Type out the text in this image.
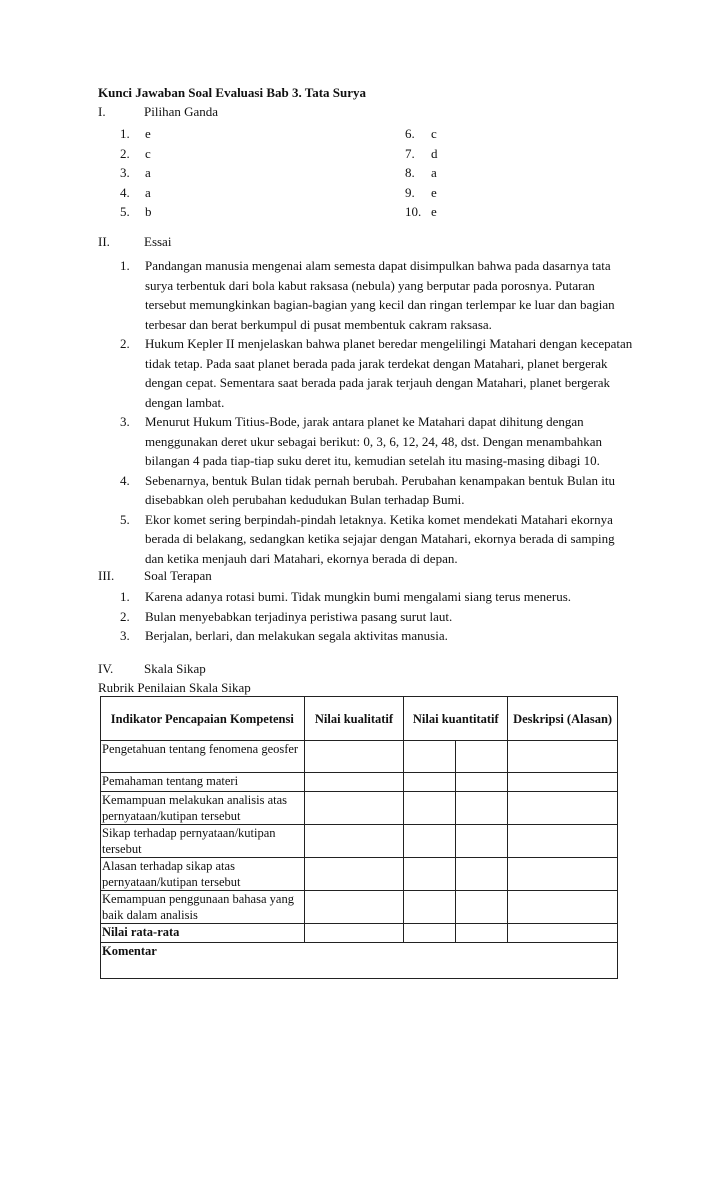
Kunci Jawaban Soal Evaluasi Bab 3. Tata Surya
I.	Pilihan Ganda
1.	e	6.	c
2.	c	7.	d
3.	a	8.	a
4.	a	9.	e
5.	b	10. e
II.	Essai
1.	Pandangan manusia mengenai alam semesta dapat disimpulkan bahwa pada dasarnya tata surya terbentuk dari bola kabut raksasa (nebula) yang berputar pada porosnya. Putaran tersebut memungkinkan bagian-bagian yang kecil dan ringan terlempar ke luar dan bagian terbesar dan berat berkumpul di pusat membentuk cakram raksasa.
2.	Hukum Kepler II menjelaskan bahwa planet beredar mengelilingi Matahari dengan kecepatan tidak tetap. Pada saat planet berada pada jarak terdekat dengan Matahari, planet bergerak dengan cepat. Sementara saat berada pada jarak terjauh dengan Matahari, planet bergerak dengan lambat.
3.	Menurut Hukum Titius-Bode, jarak antara planet ke Matahari dapat dihitung dengan menggunakan deret ukur sebagai berikut: 0, 3, 6, 12, 24, 48, dst. Dengan menambahkan bilangan 4 pada tiap-tiap suku deret itu, kemudian setelah itu masing-masing dibagi 10.
4.	Sebenarnya, bentuk Bulan tidak pernah berubah. Perubahan kenampakan bentuk Bulan itu disebabkan oleh perubahan kedudukan Bulan terhadap Bumi.
5.	Ekor komet sering berpindah-pindah letaknya. Ketika komet mendekati Matahari ekornya berada di belakang, sedangkan ketika sejajar dengan Matahari, ekornya berada di samping dan ketika menjauh dari Matahari, ekornya berada di depan.
III. Soal Terapan
1.	Karena adanya rotasi bumi. Tidak mungkin bumi mengalami siang terus menerus.
2.	Bulan menyebabkan terjadinya peristiwa pasang surut laut.
3.	Berjalan, berlari, dan melakukan segala aktivitas manusia.
IV. Skala Sikap
Rubrik Penilaian Skala Sikap
Indikator Pencapaian Kompetensi	Nilai kualitatif	Nilai kuantitatif		Deskripsi (Alasan)
Pengetahuan tentang fenomena geosfer				
Pemahaman tentang materi				
Kemampuan melakukan analisis atas pernyataan/kutipan tersebut				
Sikap terhadap pernyataan/kutipan tersebut				
Alasan terhadap sikap atas pernyataan/kutipan tersebut				
Kemampuan penggunaan bahasa yang baik dalam analisis				
Nilai rata-rata				
Komentar				
